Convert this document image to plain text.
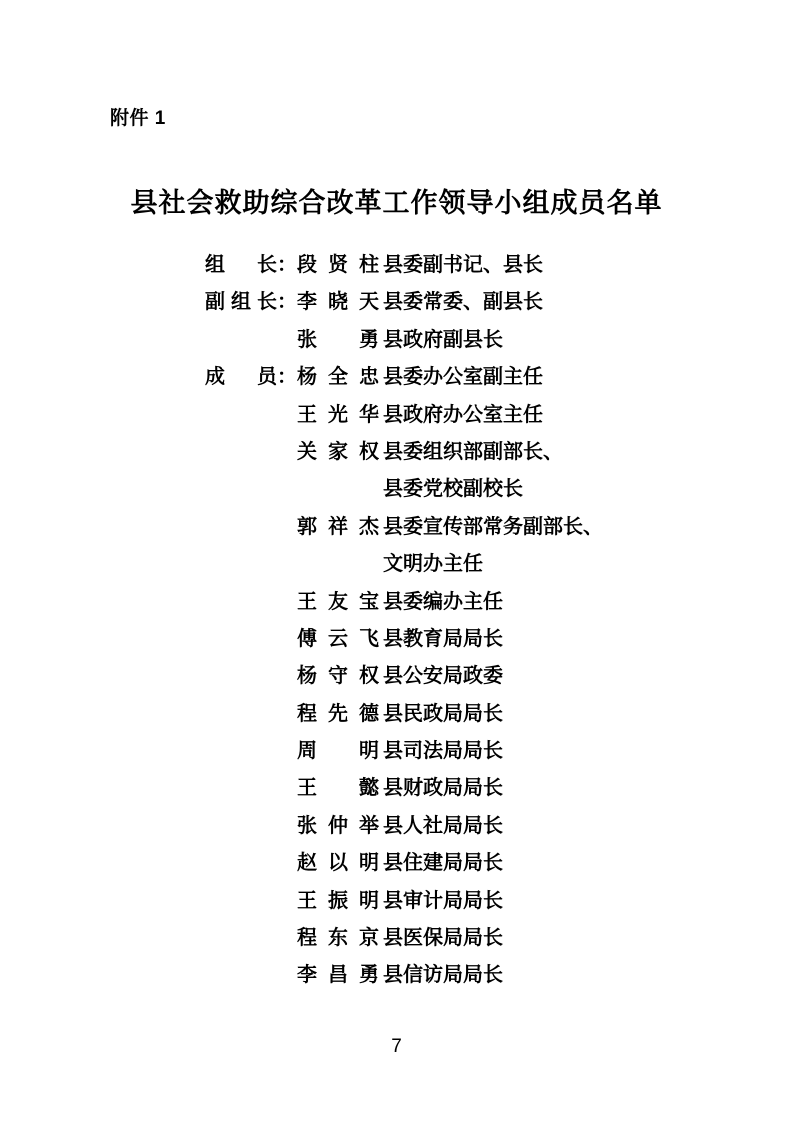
附件 1
县社会救助综合改革工作领导小组成员名单
组 长 ： 段贤柱 县委副书记、县长
副组长 ： 李晓天 县委常委、副县长
张 勇 县政府副县长
成 员 ： 杨全忠 县委办公室副主任
王光华 县政府办公室主任
关家权 县委组织部副部长、
县委党校副校长
郭祥杰 县委宣传部常务副部长、
文明办主任
王友宝 县委编办主任
傅云飞 县教育局局长
杨守权 县公安局政委
程先德 县民政局局长
周 明 县司法局局长
王 懿 县财政局局长
张仲举 县人社局局长
赵以明 县住建局局长
王振明 县审计局局长
程东京 县医保局局长
李昌勇 县信访局局长
7
